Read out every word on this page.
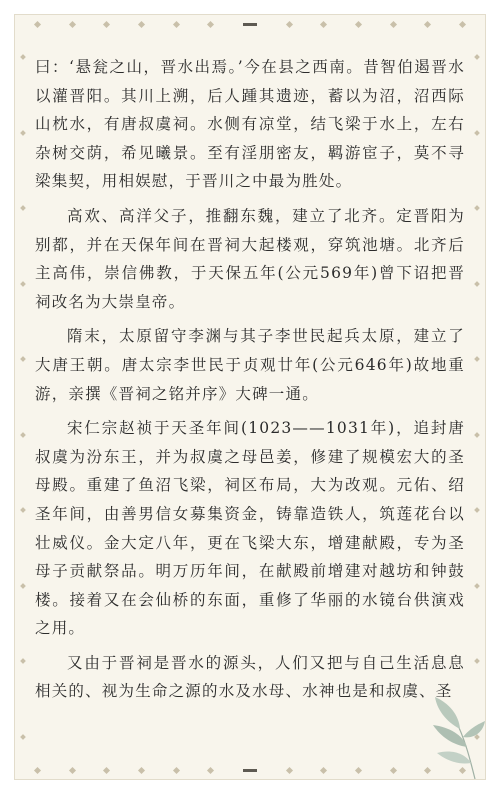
曰：‘悬瓮之山，晋水出焉。’今在县之西南。昔智伯遏晋水以灌晋阳。其川上溯，后人踵其遗迹，蓄以为沼，沼西际山枕水，有唐叔虞祠。水侧有凉堂，结飞梁于水上，左右杂树交荫，希见曦景。至有淫朋密友，羁游宦子，莫不寻梁集契，用相娱慰，于晋川之中最为胜处。

高欢、高洋父子，推翻东魏，建立了北齐。定晋阳为别都，并在天保年间在晋祠大起楼观，穿筑池塘。北齐后主高伟，崇信佛教，于天保五年(公元569年)曾下诏把晋祠改名为大崇皇帝。

隋末，太原留守李渊与其子李世民起兵太原，建立了大唐王朝。唐太宗李世民于贞观廿年(公元646年)故地重游，亲撰《晋祠之铭并序》大碑一通。

宋仁宗赵祯于天圣年间(1023——1031年)，追封唐叔虞为汾东王，并为叔虞之母邑姜，修建了规模宏大的圣母殿。重建了鱼沼飞梁，祠区布局，大为改观。元佑、绍圣年间，由善男信女募集资金，铸靠造铁人，筑莲花台以壮威仪。金大定八年，更在飞梁大东，增建献殿，专为圣母子贡献祭品。明万历年间，在献殿前增建对越坊和钟鼓楼。接着又在会仙桥的东面，重修了华丽的水镜台供演戏之用。

又由于晋祠是晋水的源头，人们又把与自己生活息息相关的、视为生命之源的水及水母、水神也是和叔虞、圣
